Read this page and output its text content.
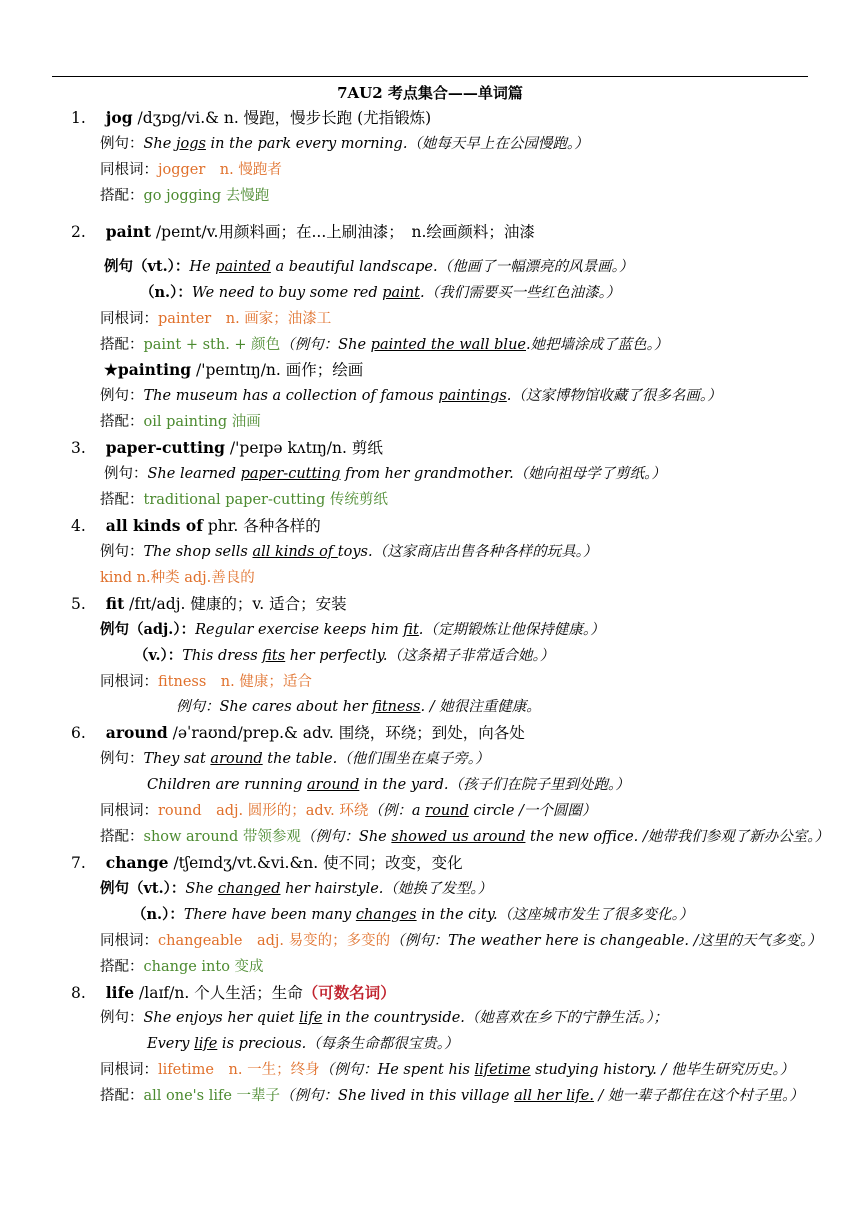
7AU2 考点集合——单词篇
1. jog /dʒɒg/vi.& n. 慢跑，慢步长跑 (尤指锻炼)
例句：She jogs in the park every morning.（她每天早上在公园慢跑。）
同根词：jogger　n. 慢跑者
搭配：go jogging 去慢跑
2. paint /peɪnt/v.用颜料画；在...上刷油漆；　n.绘画颜料；油漆
例句（vt.）：He painted a beautiful landscape.（他画了一幅漂亮的风景画。）
（n.）：We need to buy some red paint.（我们需要买一些红色油漆。）
同根词：painter　n. 画家；油漆工
搭配：paint + sth. + 颜色（例句：She painted the wall blue.她把墙涂成了蓝色。）
★painting /'peɪntɪŋ/n. 画作；绘画
例句：The museum has a collection of famous paintings.（这家博物馆收藏了很多名画。）
搭配：oil painting 油画
3. paper-cutting /'peɪpə kʌtɪŋ/n. 剪纸
例句：She learned paper-cutting from her grandmother.（她向祖母学了剪纸。）
搭配：traditional paper-cutting 传统剪纸
4. all kinds of phr. 各种各样的
例句：The shop sells all kinds of toys.（这家商店出售各种各样的玩具。）
kind n.种类 adj.善良的
5. fit /fɪt/adj. 健康的；v. 适合；安装
例句（adj.）：Regular exercise keeps him fit.（定期锻炼让他保持健康。）
（v.）：This dress fits her perfectly.（这条裙子非常适合她。）
同根词：fitness　n. 健康；适合
例句：She cares about her fitness. / 她很注重健康。
6. around /əˈraʊnd/prep.& adv. 围绕，环绕；到处，向各处
例句：They sat around the table.（他们围坐在桌子旁。）
Children are running around in the yard.（孩子们在院子里到处跑。）
同根词：round　adj. 圆形的；adv. 环绕（例：a round circle /一个圆圈）
搭配：show around 带领参观（例句：She showed us around the new office. /她带我们参观了新办公室。）
7. change /tʃeɪndʒ/vt.&vi.&n. 使不同；改变，变化
例句（vt.）：She changed her hairstyle.（她换了发型。）
（n.）：There have been many changes in the city.（这座城市发生了很多变化。）
同根词：changeable　adj. 易变的；多变的（例句：The weather here is changeable. /这里的天气多变。）
搭配：change into 变成
8. life /laɪf/n. 个人生活；生命（可数名词）
例句：She enjoys her quiet life in the countryside.（她喜欢在乡下的宁静生活。）；
Every life is precious.（每条生命都很宝贵。）
同根词：lifetime　n. 一生；终身（例句：He spent his lifetime studying history. / 他毕生研究历史。）
搭配：all one's life 一辈子（例句：She lived in this village all her life. / 她一辈子都住在这个村子里。）
